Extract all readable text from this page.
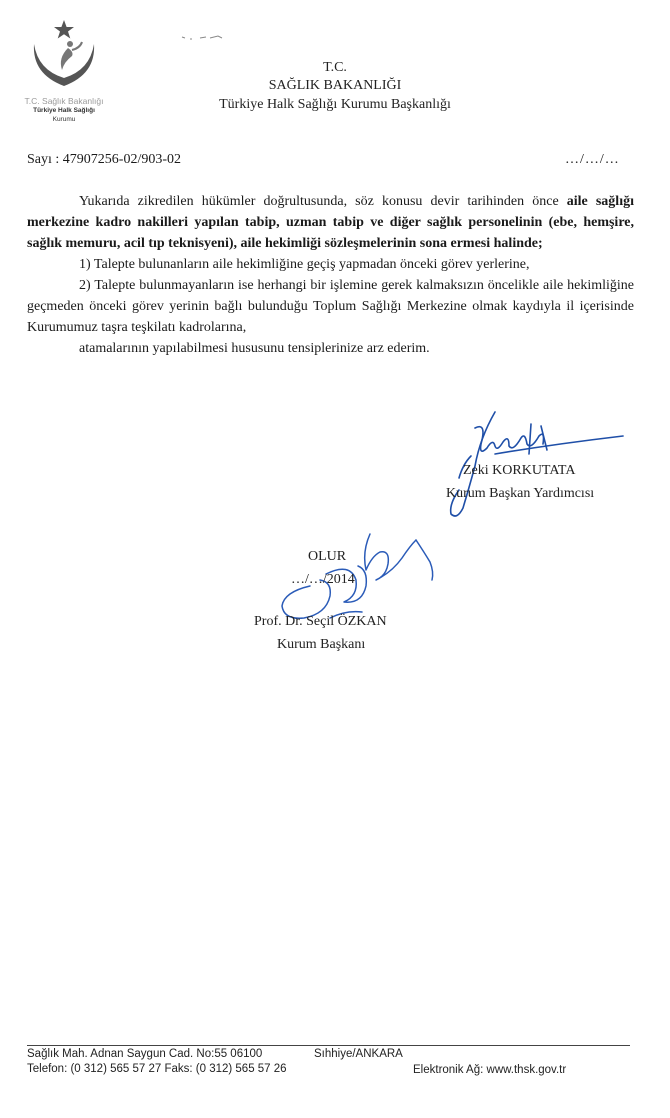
T.C. Sağlık Bakanlığı
Türkiye Halk Sağlığı
Kurumu
T.C.
SAĞLIK BAKANLIĞI
Türkiye Halk Sağlığı Kurumu Başkanlığı
Sayı : 47907256-02/903-02	…/…/…

Yukarıda zikredilen hükümler doğrultusunda, söz konusu devir tarihinden önce aile sağlığı merkezine kadro nakilleri yapılan tabip, uzman tabip ve diğer sağlık personelinin (ebe, hemşire, sağlık memuru, acil tıp teknisyeni), aile hekimliği sözleşmelerinin sona ermesi halinde;

1) Talepte bulunanların aile hekimliğine geçiş yapmadan önceki görev yerlerine,

2) Talepte bulunmayanların ise herhangi bir işlemine gerek kalmaksızın öncelikle aile hekimliğine geçmeden önceki görev yerinin bağlı bulunduğu Toplum Sağlığı Merkezine olmak kaydıyla il içerisinde Kurumumuz taşra teşkilatı kadrolarına,

atamalarının yapılabilmesi hususunu tensiplerinize arz ederim.

Zeki KORKUTATA
Kurum Başkan Yardımcısı
OLUR
…/…/2014
Prof. Dr. Seçil ÖZKAN
Kurum Başkanı
Sağlık Mah. Adnan Saygun Cad. No:55 06100	Sıhhiye/ANKARA
Telefon: (0 312) 565 57 27 Faks: (0 312) 565 57 26	Elektronik Ağ: www.thsk.gov.tr
